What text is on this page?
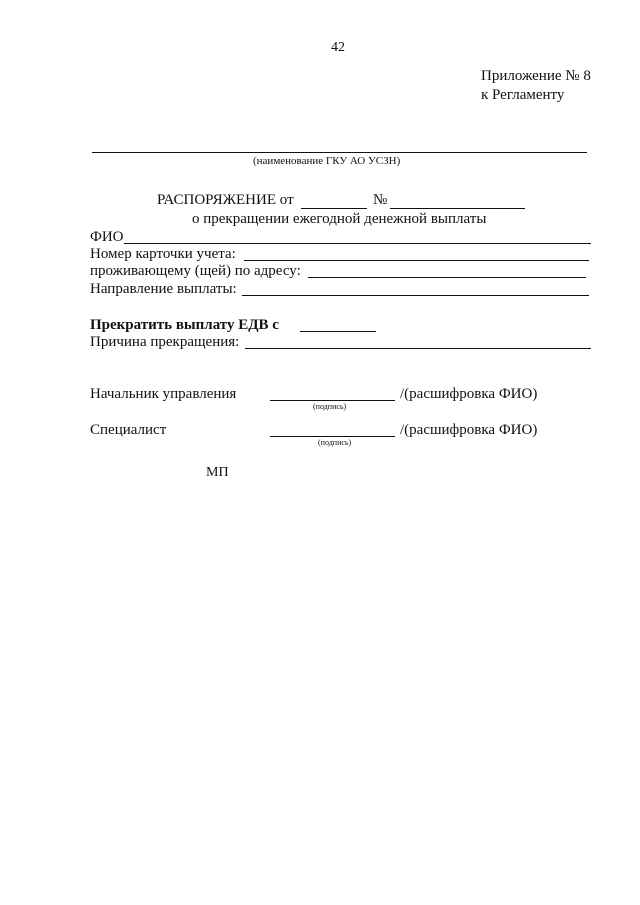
42
Приложение № 8
к Регламенту
(наименование ГКУ АО УСЗН)
РАСПОРЯЖЕНИЕ от	№
о прекращении ежегодной денежной выплаты
ФИО
Номер карточки учета:
проживающему (щей) по адресу:
Направление выплаты:
Прекратить выплату ЕДВ с
Причина прекращения:
Начальник управления
(подпись)
/(расшифровка ФИО)
Специалист
(подпись)
/(расшифровка ФИО)
МП
